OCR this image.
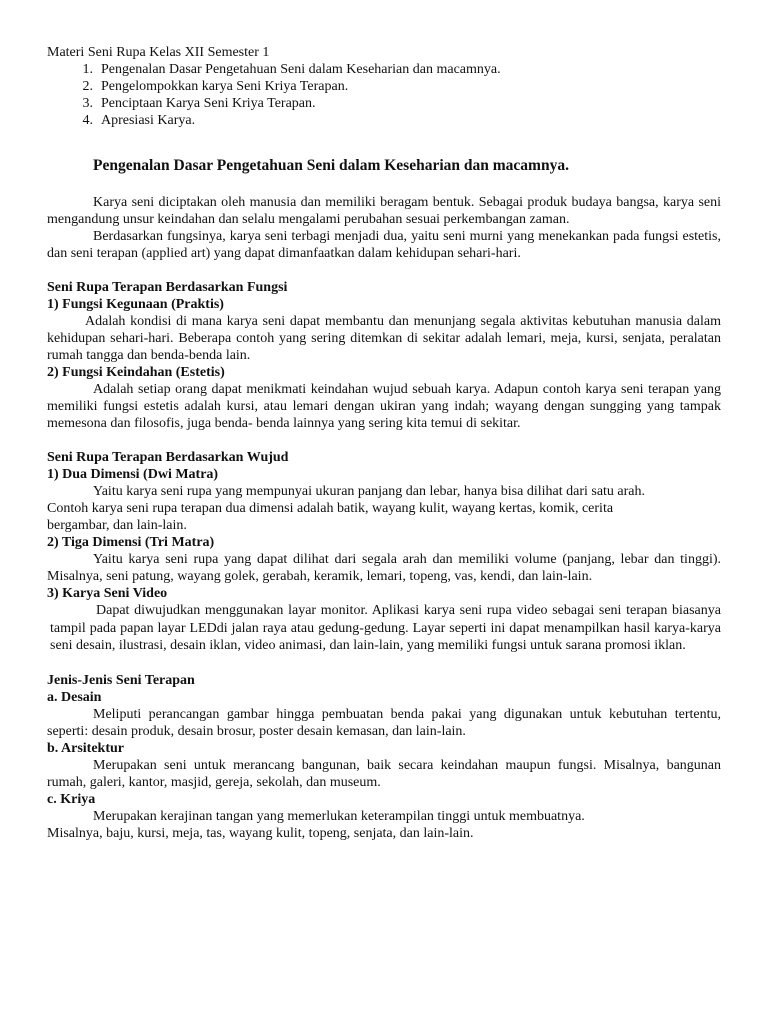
Materi Seni Rupa Kelas XII Semester 1

1. Pengenalan Dasar Pengetahuan Seni dalam Keseharian dan macamnya.
2. Pengelompokkan karya Seni Kriya Terapan.
3. Penciptaan Karya Seni Kriya Terapan.
4. Apresiasi Karya.
Pengenalan Dasar Pengetahuan Seni dalam Keseharian dan macamnya.

Karya seni diciptakan oleh manusia dan memiliki beragam bentuk. Sebagai produk budaya bangsa, karya seni mengandung unsur keindahan dan selalu mengalami perubahan sesuai perkembangan zaman.

Berdasarkan fungsinya, karya seni terbagi menjadi dua, yaitu seni murni yang menekankan pada fungsi estetis, dan seni terapan (applied art) yang dapat dimanfaatkan dalam kehidupan sehari-hari.

Seni Rupa Terapan Berdasarkan Fungsi

1) Fungsi Kegunaan (Praktis)

Adalah kondisi di mana karya seni dapat membantu dan menunjang segala aktivitas kebutuhan manusia dalam kehidupan sehari-hari. Beberapa contoh yang sering ditemkan di sekitar adalah lemari, meja, kursi, senjata, peralatan rumah tangga dan benda-benda lain.

2) Fungsi Keindahan (Estetis)

Adalah setiap orang dapat menikmati keindahan wujud sebuah karya. Adapun contoh karya seni terapan yang memiliki fungsi estetis adalah kursi, atau lemari dengan ukiran yang indah; wayang dengan sungging yang tampak memesona dan filosofis, juga benda- benda lainnya yang sering kita temui di sekitar.

Seni Rupa Terapan Berdasarkan Wujud

1) Dua Dimensi (Dwi Matra)

Yaitu karya seni rupa yang mempunyai ukuran panjang dan lebar, hanya bisa dilihat dari satu arah.

Contoh karya seni rupa terapan dua dimensi adalah batik, wayang kulit, wayang kertas, komik, cerita

bergambar, dan lain-lain.

2) Tiga Dimensi (Tri Matra)

Yaitu karya seni rupa yang dapat dilihat dari segala arah dan memiliki volume (panjang, lebar dan tinggi). Misalnya, seni patung, wayang golek, gerabah, keramik, lemari, topeng, vas, kendi, dan lain-lain.

3) Karya Seni Video

Dapat diwujudkan menggunakan layar monitor. Aplikasi karya seni rupa video sebagai seni terapan biasanya tampil pada papan layar LEDdi jalan raya atau gedung-gedung. Layar seperti ini dapat menampilkan hasil karya-karya seni desain, ilustrasi, desain iklan, video animasi, dan lain-lain, yang memiliki fungsi untuk sarana promosi iklan.

Jenis-Jenis Seni Terapan

a. Desain

Meliputi perancangan gambar hingga pembuatan benda pakai yang digunakan untuk kebutuhan tertentu, seperti: desain produk, desain brosur, poster desain kemasan, dan lain-lain.

b. Arsitektur

Merupakan seni untuk merancang bangunan, baik secara keindahan maupun fungsi. Misalnya, bangunan rumah, galeri, kantor, masjid, gereja, sekolah, dan museum.

c. Kriya

Merupakan kerajinan tangan yang memerlukan keterampilan tinggi untuk membuatnya.

Misalnya, baju, kursi, meja, tas, wayang kulit, topeng, senjata, dan lain-lain.
